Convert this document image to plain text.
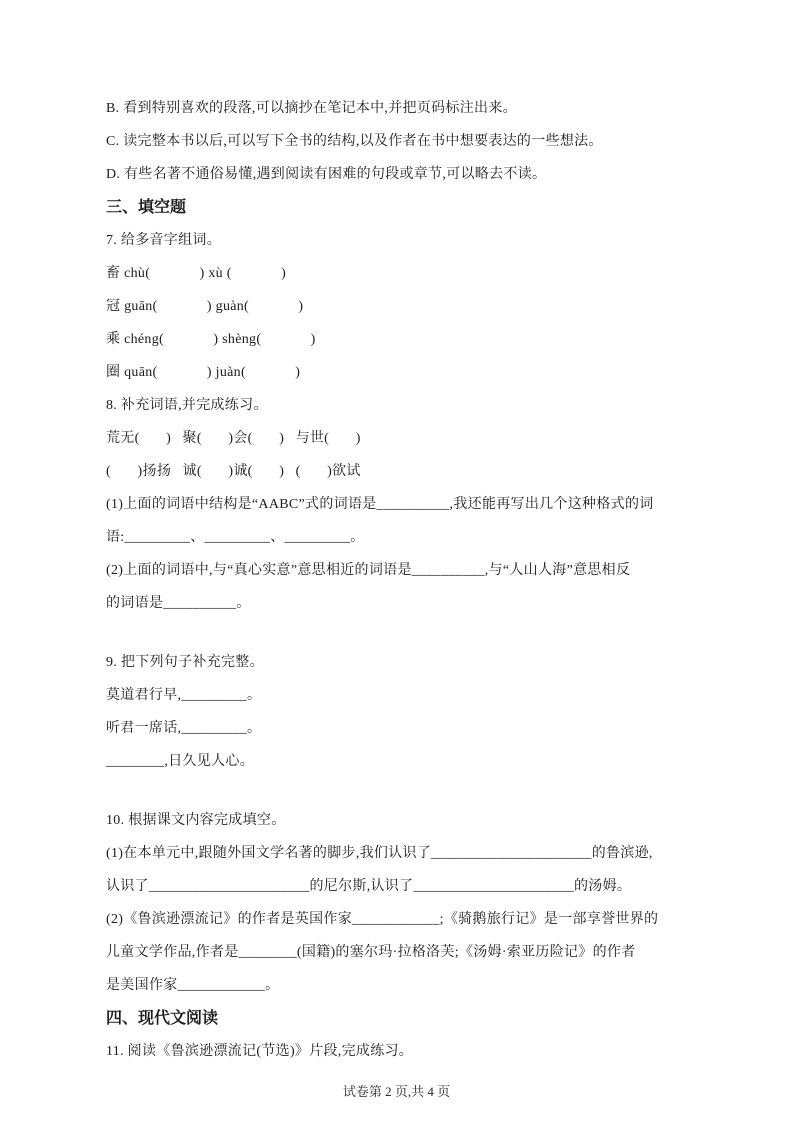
B. 看到特别喜欢的段落,可以摘抄在笔记本中,并把页码标注出来。

C. 读完整本书以后,可以写下全书的结构,以及作者在书中想要表达的一些想法。

D. 有些名著不通俗易懂,遇到阅读有困难的句段或章节,可以略去不读。

三、填空题

7. 给多音字组词。

畜 chù(             ) xù (             )

冠 guān(             ) guàn(             )

乘 chéng(             ) shèng(             )

圈 quān(             ) juàn(             )

8. 补充词语,并完成练习。

荒无(       )   聚(       )会(       )   与世(       )

(       )扬扬   诚(       )诚(       )   (       )欲试

(1)上面的词语中结构是“AABC”式的词语是__________,我还能再写出几个这种格式的词

语:_________、_________、_________。

(2)上面的词语中,与“真心实意”意思相近的词语是__________,与“人山人海”意思相反

的词语是__________。

9. 把下列句子补充完整。

莫道君行早,_________。

听君一席话,_________。

________,日久见人心。

10. 根据课文内容完成填空。

(1)在本单元中,跟随外国文学名著的脚步,我们认识了______________________的鲁滨逊,

认识了______________________的尼尔斯,认识了______________________的汤姆。

(2)《鲁滨逊漂流记》的作者是英国作家____________;《骑鹅旅行记》是一部享誉世界的

儿童文学作品,作者是________(国籍)的塞尔玛·拉格洛芙;《汤姆·索亚历险记》的作者

是美国作家____________。

四、现代文阅读

11. 阅读《鲁滨逊漂流记(节选)》片段,完成练习。

试卷第 2 页,共 4 页
